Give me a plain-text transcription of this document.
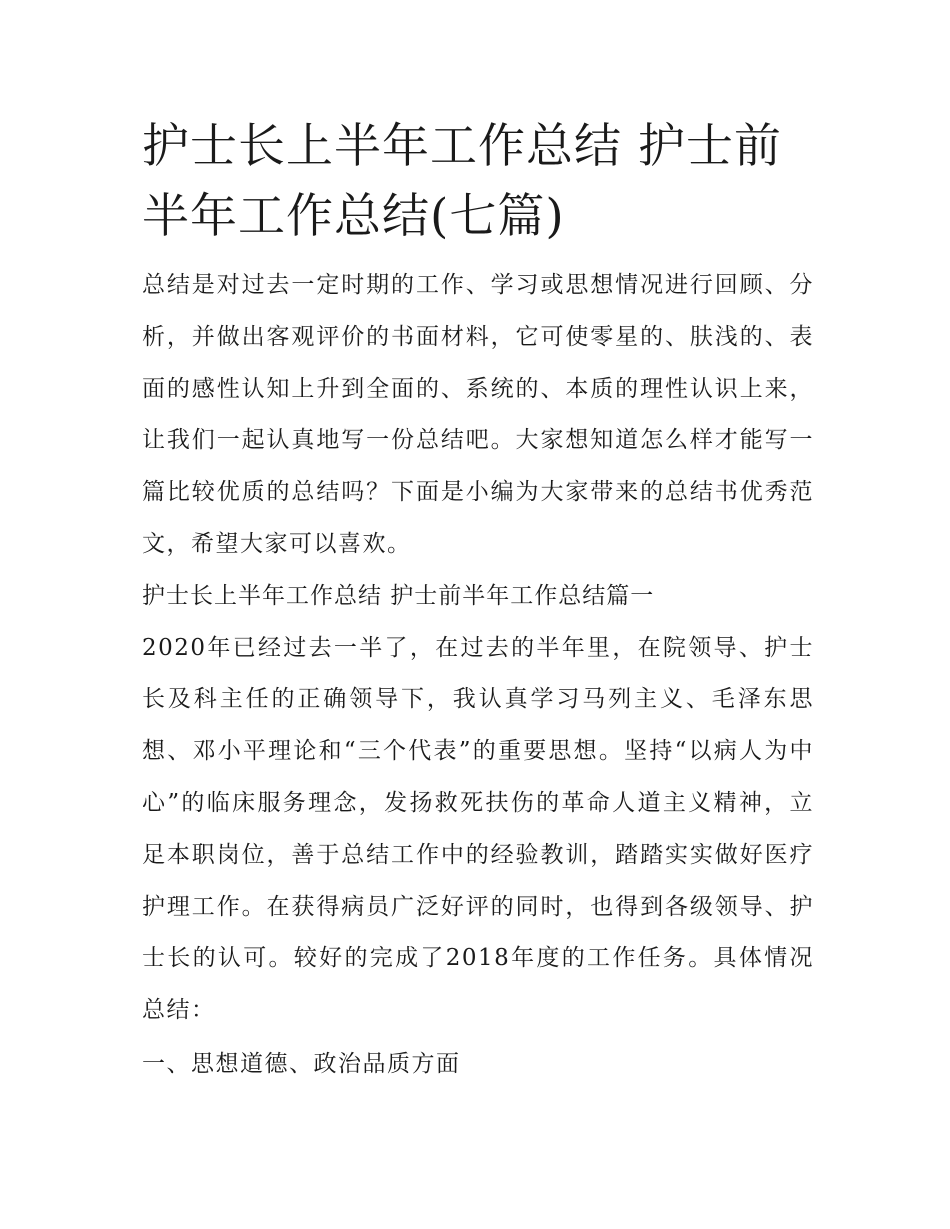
护士长上半年工作总结 护士前半年工作总结(七篇)

总结是对过去一定时期的工作、学习或思想情况进行回顾、分析，并做出客观评价的书面材料，它可使零星的、肤浅的、表面的感性认知上升到全面的、系统的、本质的理性认识上来，让我们一起认真地写一份总结吧。大家想知道怎么样才能写一篇比较优质的总结吗？下面是小编为大家带来的总结书优秀范文，希望大家可以喜欢。

护士长上半年工作总结 护士前半年工作总结篇一

2020年已经过去一半了，在过去的半年里，在院领导、护士长及科主任的正确领导下，我认真学习马列主义、毛泽东思想、邓小平理论和“三个代表”的重要思想。坚持“以病人为中心”的临床服务理念，发扬救死扶伤的革命人道主义精神，立足本职岗位，善于总结工作中的经验教训，踏踏实实做好医疗护理工作。在获得病员广泛好评的同时，也得到各级领导、护士长的认可。较好的完成了2018年度的工作任务。具体情况总结：

一、思想道德、政治品质方面
